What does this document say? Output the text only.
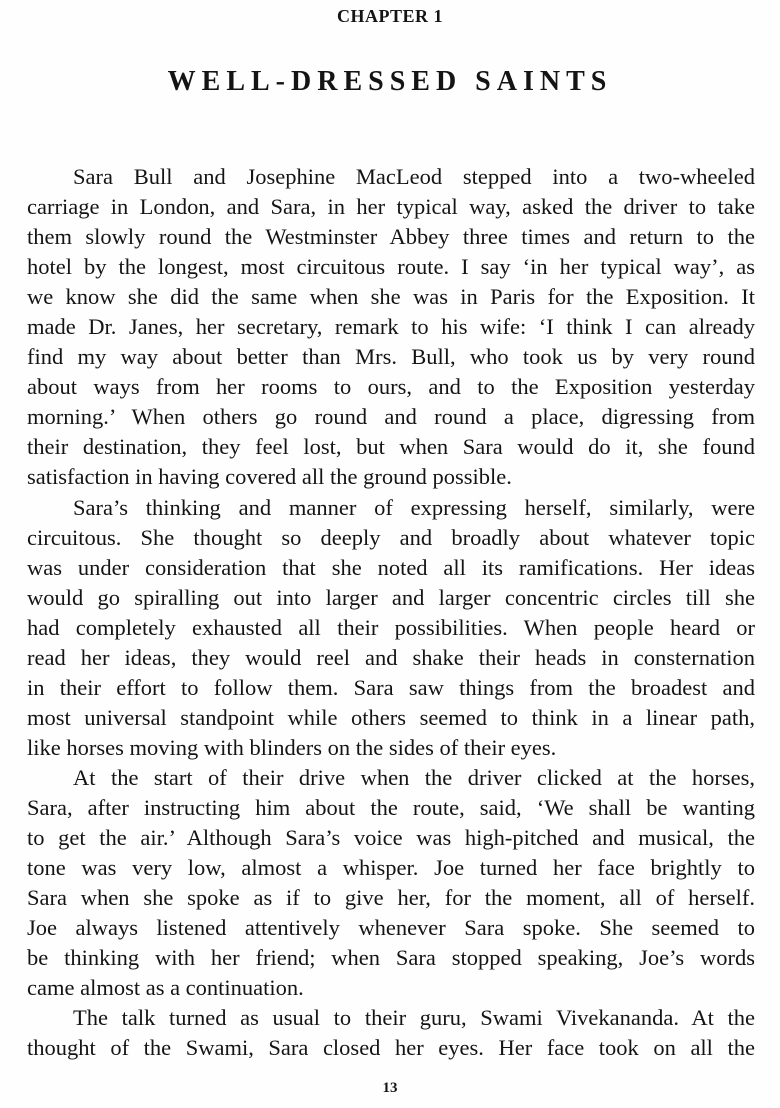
CHAPTER 1
WELL-DRESSED SAINTS
Sara Bull and Josephine MacLeod stepped into a two-wheeled
carriage in London, and Sara, in her typical way, asked the driver to take
them slowly round the Westminster Abbey three times and return to the
hotel by the longest, most circuitous route. I say ‘in her typical way’, as
we know she did the same when she was in Paris for the Exposition. It
made Dr. Janes, her secretary, remark to his wife: ‘I think I can already
find my way about better than Mrs. Bull, who took us by very round
about ways from her rooms to ours, and to the Exposition yesterday
morning.’ When others go round and round a place, digressing from
their destination, they feel lost, but when Sara would do it, she found
satisfaction in having covered all the ground possible.
Sara’s thinking and manner of expressing herself, similarly, were
circuitous. She thought so deeply and broadly about whatever topic
was under consideration that she noted all its ramifications. Her ideas
would go spiralling out into larger and larger concentric circles till she
had completely exhausted all their possibilities. When people heard or
read her ideas, they would reel and shake their heads in consternation
in their effort to follow them. Sara saw things from the broadest and
most universal standpoint while others seemed to think in a linear path,
like horses moving with blinders on the sides of their eyes.
At the start of their drive when the driver clicked at the horses,
Sara, after instructing him about the route, said, ‘We shall be wanting
to get the air.’ Although Sara’s voice was high-pitched and musical, the
tone was very low, almost a whisper. Joe turned her face brightly to
Sara when she spoke as if to give her, for the moment, all of herself.
Joe always listened attentively whenever Sara spoke. She seemed to
be thinking with her friend; when Sara stopped speaking, Joe’s words
came almost as a continuation.
The talk turned as usual to their guru, Swami Vivekananda. At the
thought of the Swami, Sara closed her eyes. Her face took on all the
13
